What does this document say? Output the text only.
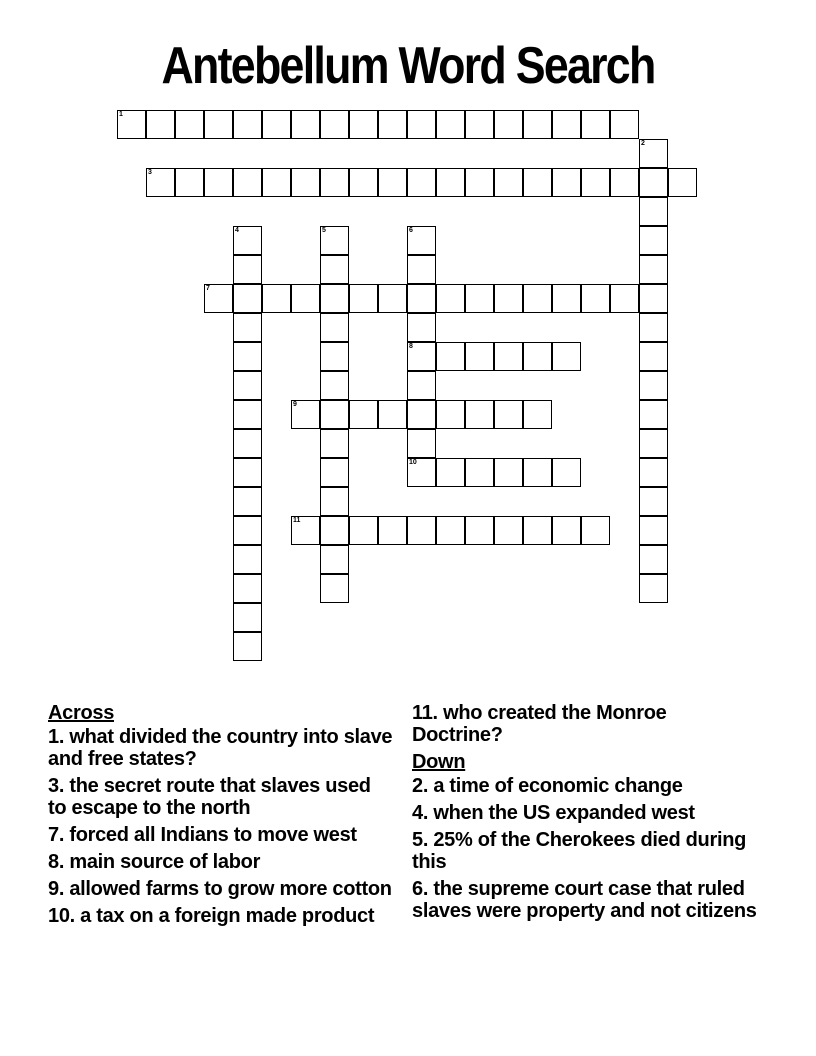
Antebellum Word Search
1
2
3
4	5	6
8
10
7
9
11
Across
1. what divided the country into slave and free states?
3. the secret route that slaves used to escape to the north
7. forced all Indians to move west
8. main source of labor
9. allowed farms to grow more cotton
10. a tax on a foreign made product
11. who created the Monroe Doctrine?
Down
2. a time of economic change
4. when the US expanded west
5. 25% of the Cherokees died during this
6. the supreme court case that ruled slaves were property and not citizens
